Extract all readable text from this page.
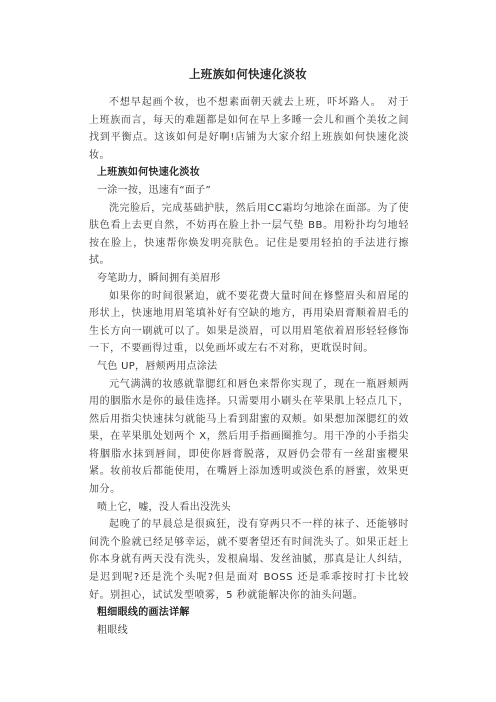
上班族如何快速化淡妆

不想早起画个妆，也不想素面朝天就去上班，吓坏路人。　对于上班族而言，每天的难题都是如何在早上多睡一会儿和画个美妆之间找到平衡点。这该如何是好啊!店铺为大家介绍上班族如何快速化淡妆。

上班族如何快速化淡妆

一涂一按，迅速有“面子”

洗完脸后，完成基础护肤，然后用CC霜均匀地涂在面部。为了使肤色看上去更自然，不妨再在脸上扑一层气垫 BB。用粉扑均匀地轻按在脸上，快速帮你焕发明亮肤色。记住是要用轻拍的手法进行擦拭。

夸笔助力，瞬间拥有美眉形

如果你的时间很紧迫，就不要花费大量时间在修整眉头和眉尾的形状上，快速地用眉笔填补好有空缺的地方，再用染眉膏顺着眉毛的生长方向一刷就可以了。如果是淡眉，可以用眉笔依着眉形轻轻修饰一下，不要画得过重，以免画坏或左右不对称，更耽误时间。

气色 UP，唇颊两用点涂法

元气满满的妆感就靠腮红和唇色来帮你实现了，现在一瓶唇颊两用的胭脂水是你的最佳选择。只需要用小刷头在苹果肌上轻点几下，然后用指尖快速抹匀就能马上看到甜蜜的双颊。如果想加深腮红的效果，在苹果肌处划两个 X，然后用手指画圈推匀。用干净的小手指尖将胭脂水抹到唇间，即使你唇膏脱落，双唇仍会带有一丝甜蜜樱果紧。妆前妆后都能使用，在嘴唇上添加透明或淡色系的唇蜜，效果更加分。

喷上它，嘘，没人看出没洗头

起晚了的早晨总是很疯狂，没有穿两只不一样的袜子、还能够时间洗个脸就已经足够幸运，就不要奢望还有时间洗头了。如果正赶上你本身就有两天没有洗头，发根扁塌、发丝油腻，那真是让人纠结，是迟到呢?还是洗个头呢?但是面对 BOSS 还是乖乖按时打卡比较好。别担心，试试发型喷雾，5 秒就能解决你的油头问题。

粗细眼线的画法详解

粗眼线
